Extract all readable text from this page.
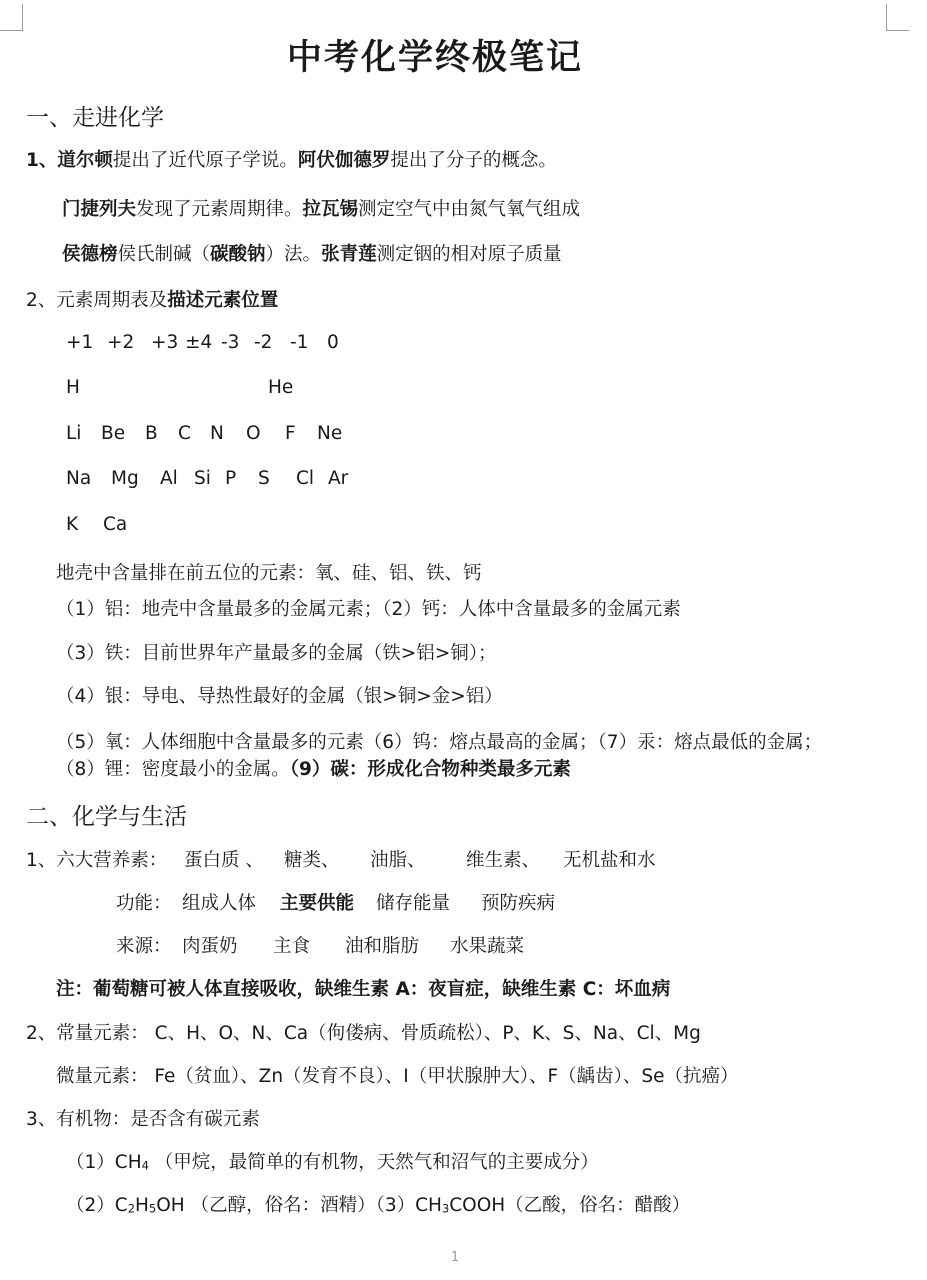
中考化学终极笔记
一、走进化学
1、道尔顿提出了近代原子学说。阿伏伽德罗提出了分子的概念。
门捷列夫发现了元素周期律。拉瓦锡测定空气中由氮气氧气组成
侯德榜侯氏制碱（碳酸钠）法。张青莲测定铟的相对原子质量
2、元素周期表及描述元素位置
+1 +2 +3 ±4 -3 -2 -1 0
H	He
Li Be B C N O F Ne
Na Mg Al Si P S Cl Ar
K Ca
地壳中含量排在前五位的元素：氧、硅、铝、铁、钙
（1）铝：地壳中含量最多的金属元素；（2）钙：人体中含量最多的金属元素
（3）铁：目前世界年产量最多的金属（铁>铝>铜）；
（4）银：导电、导热性最好的金属（银>铜>金>铝）
（5）氧：人体细胞中含量最多的元素（6）钨：熔点最高的金属；（7）汞：熔点最低的金属；
（8）锂：密度最小的金属。（9）碳：形成化合物种类最多元素
二、化学与生活
1、六大营养素： 蛋白质 、 糖类、 油脂、 维生素、 无机盐和水
功能： 组成人体 主要供能 储存能量 预防疾病
来源： 肉蛋奶 主食 油和脂肪 水果蔬菜
注：葡萄糖可被人体直接吸收，缺维生素 A：夜盲症，缺维生素 C：坏血病
2、常量元素： C、H、O、N、Ca（佝偻病、骨质疏松）、P、K、S、Na、Cl、Mg
微量元素： Fe（贫血）、Zn（发育不良）、I（甲状腺肿大）、F（龋齿）、Se（抗癌）
3、有机物：是否含有碳元素
（1）CH4 （甲烷，最简单的有机物，天然气和沼气的主要成分）
（2）C2H5OH （乙醇，俗名：酒精）（3）CH3COOH（乙酸，俗名：醋酸）
1
